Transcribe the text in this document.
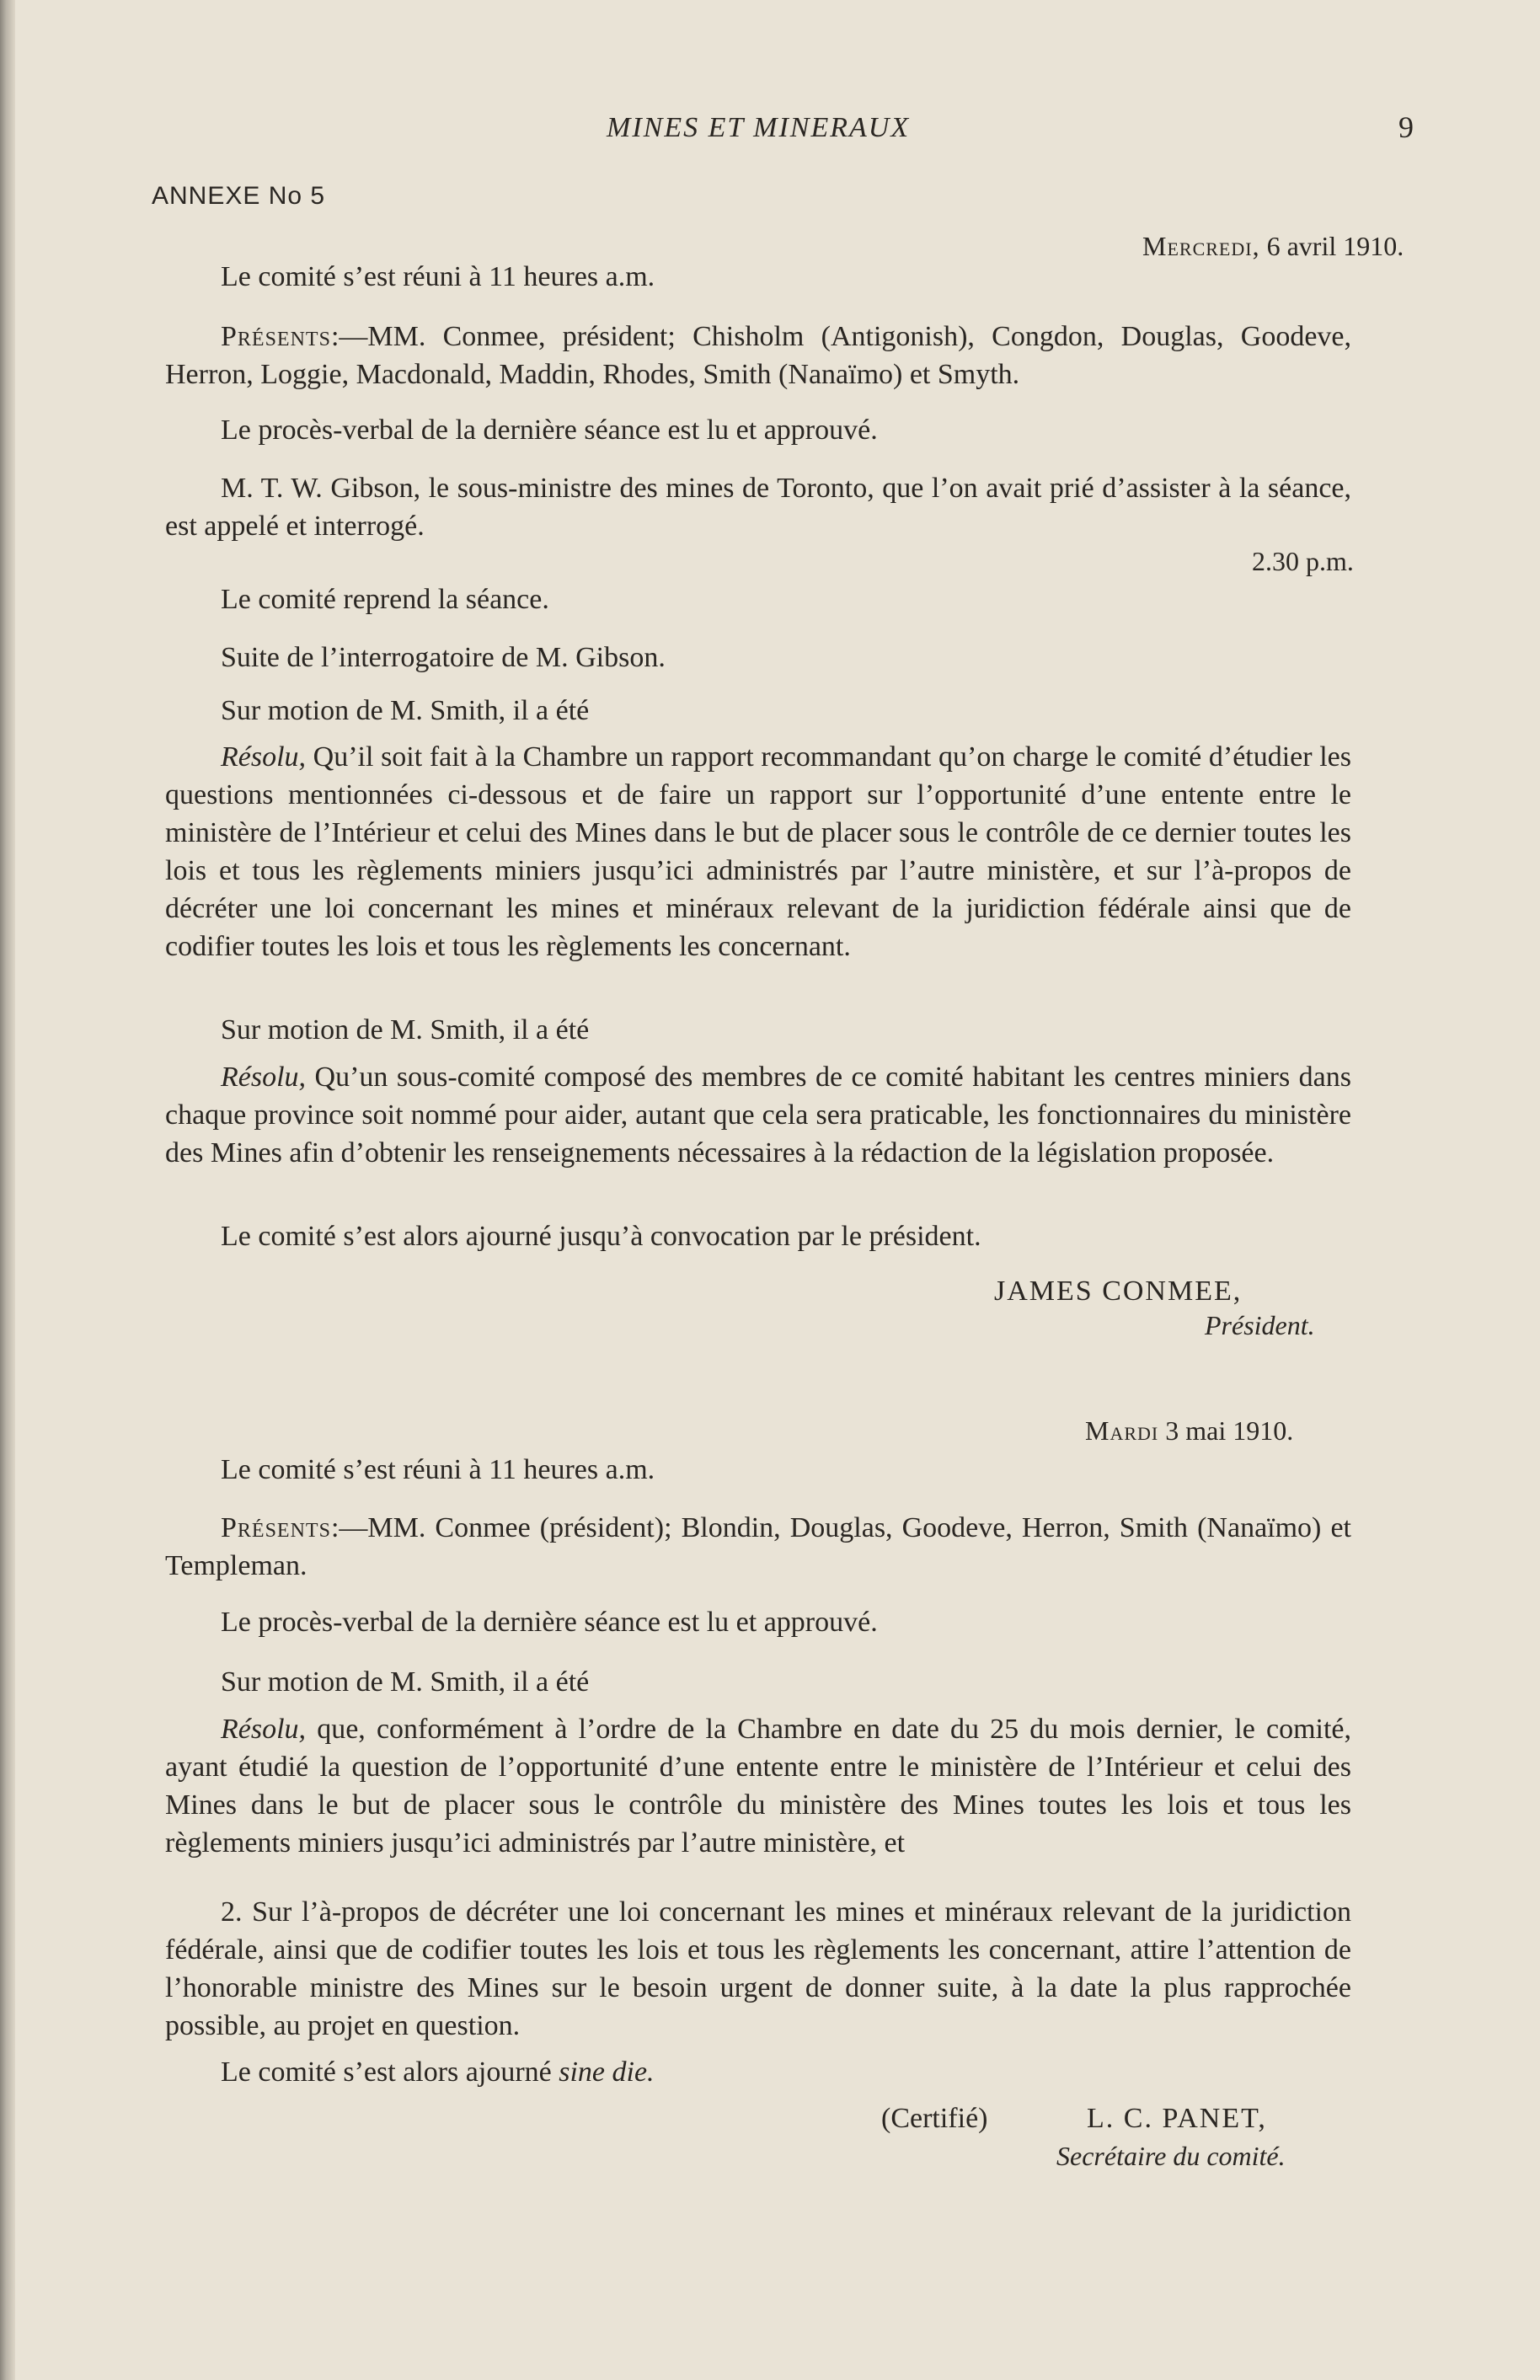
MINES ET MINERAUX	9
ANNEXE No 5
Mercredi, 6 avril 1910.
Le comité s’est réuni à 11 heures a.m.

Présents:—MM. Conmee, président; Chisholm (Antigonish), Congdon, Douglas, Goodeve, Herron, Loggie, Macdonald, Maddin, Rhodes, Smith (Nanaïmo) et Smyth.

Le procès-verbal de la dernière séance est lu et approuvé.

M. T. W. Gibson, le sous-ministre des mines de Toronto, que l’on avait prié d’assister à la séance, est appelé et interrogé.

2.30 p.m.
Le comité reprend la séance.
Suite de l’interrogatoire de M. Gibson.
Sur motion de M. Smith, il a été

Résolu, Qu’il soit fait à la Chambre un rapport recommandant qu’on charge le comité d’étudier les questions mentionnées ci-dessous et de faire un rapport sur l’opportunité d’une entente entre le ministère de l’Intérieur et celui des Mines dans le but de placer sous le contrôle de ce dernier toutes les lois et tous les règlements miniers jusqu’ici administrés par l’autre ministère, et sur l’à-propos de décréter une loi concernant les mines et minéraux relevant de la juridiction fédérale ainsi que de codifier toutes les lois et tous les règlements les concernant.

Sur motion de M. Smith, il a été

Résolu, Qu’un sous-comité composé des membres de ce comité habitant les centres miniers dans chaque province soit nommé pour aider, autant que cela sera praticable, les fonctionnaires du ministère des Mines afin d’obtenir les renseignements nécessaires à la rédaction de la législation proposée.

Le comité s’est alors ajourné jusqu’à convocation par le président.
JAMES CONMEE,
Président.
Mardi 3 mai 1910.
Le comité s’est réuni à 11 heures a.m.

Présents:—MM. Conmee (président); Blondin, Douglas, Goodeve, Herron, Smith (Nanaïmo) et Templeman.

Le procès-verbal de la dernière séance est lu et approuvé.
Sur motion de M. Smith, il a été

Résolu, que, conformément à l’ordre de la Chambre en date du 25 du mois dernier, le comité, ayant étudié la question de l’opportunité d’une entente entre le ministère de l’Intérieur et celui des Mines dans le but de placer sous le contrôle du ministère des Mines toutes les lois et tous les règlements miniers jusqu’ici administrés par l’autre ministère, et

2. Sur l’à-propos de décréter une loi concernant les mines et minéraux relevant de la juridiction fédérale, ainsi que de codifier toutes les lois et tous les règlements les concernant, attire l’attention de l’honorable ministre des Mines sur le besoin urgent de donner suite, à la date la plus rapprochée possible, au projet en question.

Le comité s’est alors ajourné sine die.
(Certifié)	L. C. PANET,
Secrétaire du comité.
